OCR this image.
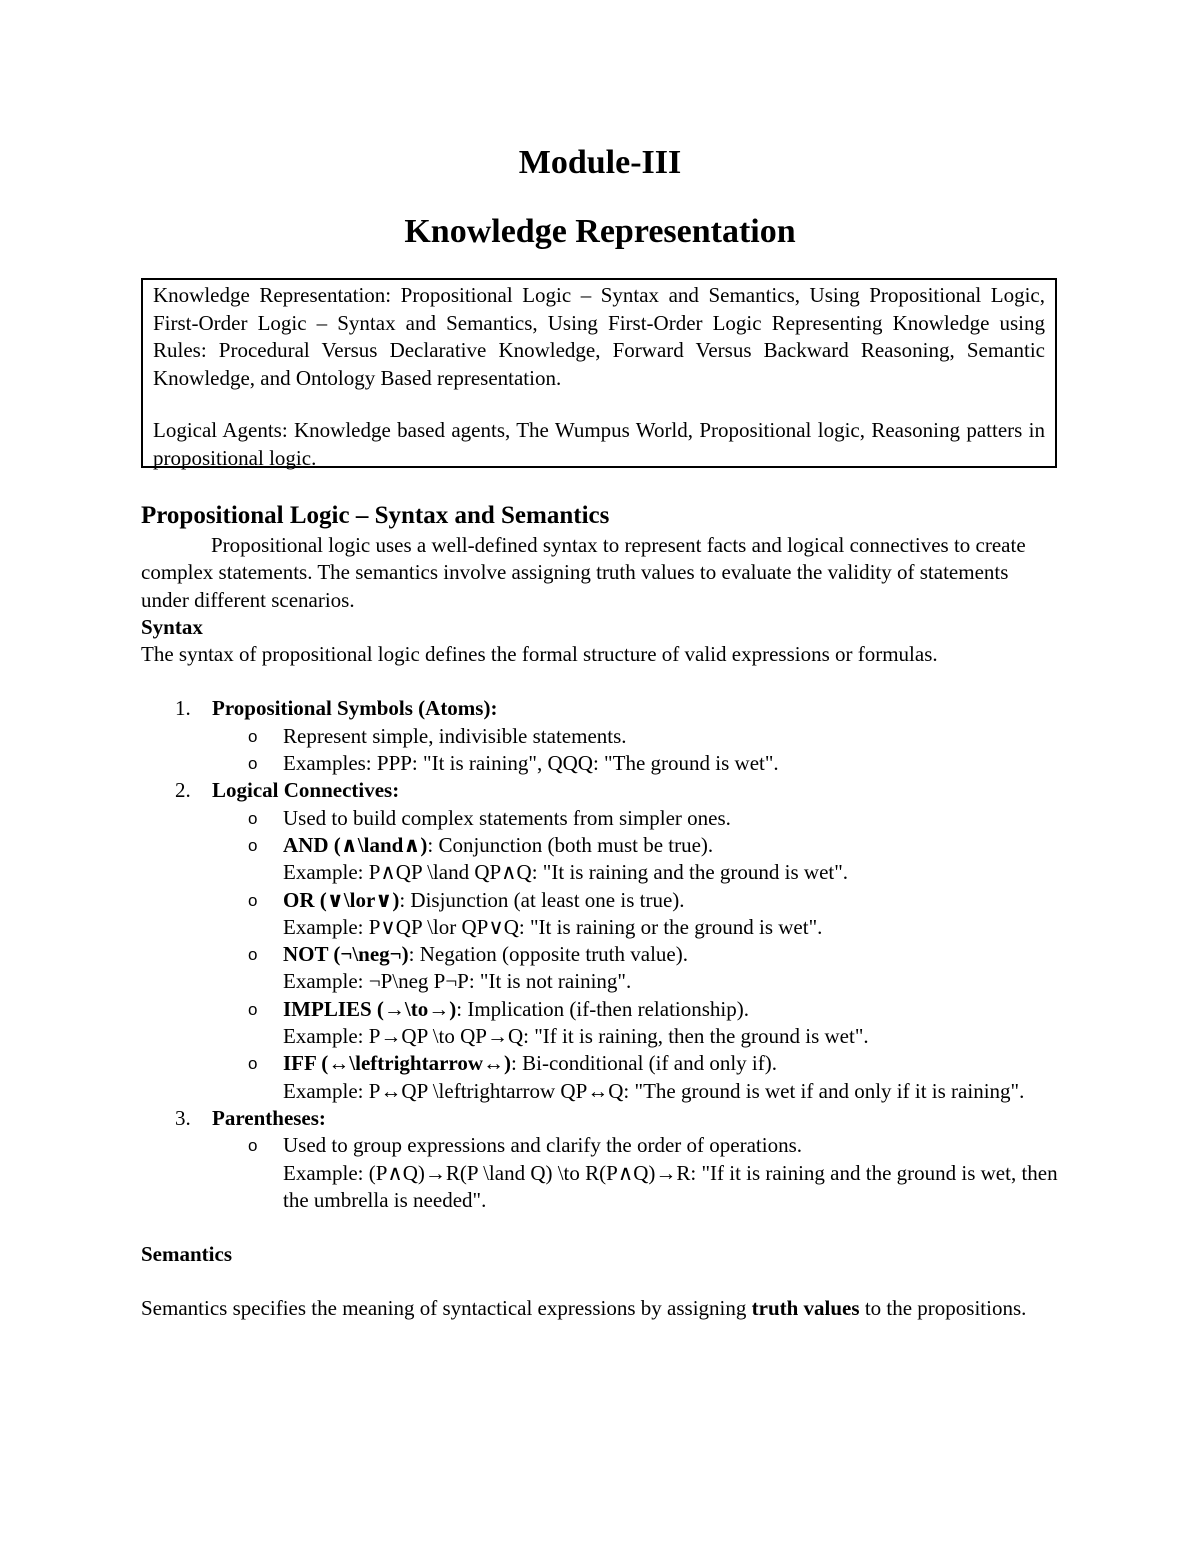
Module-III
Knowledge Representation

Knowledge Representation: Propositional Logic – Syntax and Semantics, Using Propositional Logic, First-Order Logic – Syntax and Semantics, Using First-Order Logic Representing Knowledge using Rules: Procedural Versus Declarative Knowledge, Forward Versus Backward Reasoning, Semantic Knowledge, and Ontology Based representation.

Logical Agents: Knowledge based agents, The Wumpus World, Propositional logic, Reasoning patters in propositional logic.

Propositional Logic – Syntax and Semantics

Propositional logic uses a well-defined syntax to represent facts and logical connectives to create complex statements. The semantics involve assigning truth values to evaluate the validity of statements under different scenarios.

Syntax

The syntax of propositional logic defines the formal structure of valid expressions or formulas.

1. Propositional Symbols (Atoms):
o Represent simple, indivisible statements.
o Examples: PPP: "It is raining", QQQ: "The ground is wet".
2. Logical Connectives:
o Used to build complex statements from simpler ones.
o AND (∧\land∧): Conjunction (both must be true).
Example: P∧QP \land QP∧Q: "It is raining and the ground is wet".
o OR (∨\lor∨): Disjunction (at least one is true).
Example: P∨QP \lor QP∨Q: "It is raining or the ground is wet".
o NOT (¬\neg¬): Negation (opposite truth value).
Example: ¬P\neg P¬P: "It is not raining".
o IMPLIES (→\to→): Implication (if-then relationship).
Example: P→QP \to QP→Q: "If it is raining, then the ground is wet".
o IFF (↔\leftrightarrow↔): Bi-conditional (if and only if).
Example: P↔QP \leftrightarrow QP↔Q: "The ground is wet if and only if it is raining".
3. Parentheses:
o Used to group expressions and clarify the order of operations.
Example: (P∧Q)→R(P \land Q) \to R(P∧Q)→R: "If it is raining and the ground is wet, then the umbrella is needed".
Semantics

Semantics specifies the meaning of syntactical expressions by assigning truth values to the propositions.
